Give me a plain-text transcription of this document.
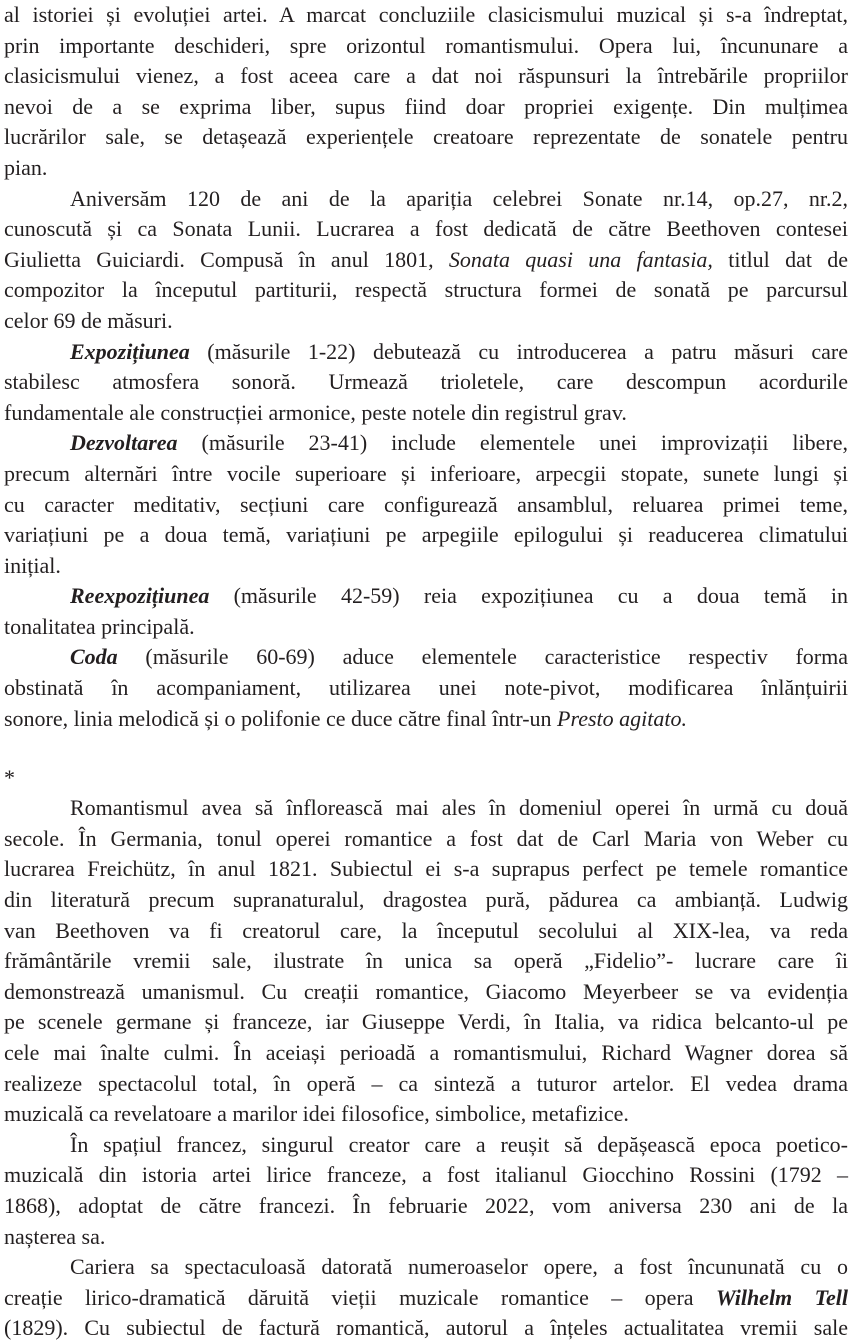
al istoriei și evoluției artei. A marcat concluziile clasicismului muzical și s-a îndreptat,
prin importante deschideri, spre orizontul romantismului. Opera lui, încununare a
clasicismului vienez, a fost aceea care a dat noi răspunsuri la întrebările propriilor
nevoi de a se exprima liber, supus fiind doar propriei exigențe. Din mulțimea
lucrărilor sale, se detașează experiențele creatoare reprezentate de sonatele pentru
pian.

Aniversăm 120 de ani de la apariția celebrei Sonate nr.14, op.27, nr.2,
cunoscută și ca Sonata Lunii. Lucrarea a fost dedicată de către Beethoven contesei
Giulietta Guiciardi. Compusă în anul 1801, Sonata quasi una fantasia, titlul dat de
compozitor la începutul partiturii, respectă structura formei de sonată pe parcursul
celor 69 de măsuri.

Expozițiunea (măsurile 1-22) debutează cu introducerea a patru măsuri care
stabilesc atmosfera sonoră. Urmează trioletele, care descompun acordurile
fundamentale ale construcției armonice, peste notele din registrul grav.

Dezvoltarea (măsurile 23-41) include elementele unei improvizații libere,
precum alternări între vocile superioare și inferioare, arpecgii stopate, sunete lungi și
cu caracter meditativ, secțiuni care configurează ansamblul, reluarea primei teme,
variațiuni pe a doua temă, variațiuni pe arpegiile epilogului și readucerea climatului
inițial.

Reexpozițiunea (măsurile 42-59) reia expozițiunea cu a doua temă in
tonalitatea principală.

Coda (măsurile 60-69) aduce elementele caracteristice respectiv forma
obstinată în acompaniament, utilizarea unei note-pivot, modificarea înlănțuirii
sonore, linia melodică și o polifonie ce duce către final într-un Presto agitato.

*

Romantismul avea să înflorească mai ales în domeniul operei în urmă cu două
secole. În Germania, tonul operei romantice a fost dat de Carl Maria von Weber cu
lucrarea Freichütz, în anul 1821. Subiectul ei s-a suprapus perfect pe temele romantice
din literatură precum supranaturalul, dragostea pură, pădurea ca ambianță. Ludwig
van Beethoven va fi creatorul care, la începutul secolului al XIX-lea, va reda
frământările vremii sale, ilustrate în unica sa operă „Fidelio”- lucrare care îi
demonstrează umanismul. Cu creații romantice, Giacomo Meyerbeer se va evidenția
pe scenele germane și franceze, iar Giuseppe Verdi, în Italia, va ridica belcanto-ul pe
cele mai înalte culmi. În aceiași perioadă a romantismului, Richard Wagner dorea să
realizeze spectacolul total, în operă – ca sinteză a tuturor artelor. El vedea drama
muzicală ca revelatoare a marilor idei filosofice, simbolice, metafizice.

În spațiul francez, singurul creator care a reușit să depășească epoca poetico-
muzicală din istoria artei lirice franceze, a fost italianul Giocchino Rossini (1792 –
1868), adoptat de către francezi. În februarie 2022, vom aniversa 230 ani de la
nașterea sa.

Cariera sa spectaculoasă datorată numeroaselor opere, a fost încununată cu o
creație lirico-dramatică dăruită vieții muzicale romantice – opera Wilhelm Tell
(1829). Cu subiectul de factură romantică, autorul a înțeles actualitatea vremii sale
